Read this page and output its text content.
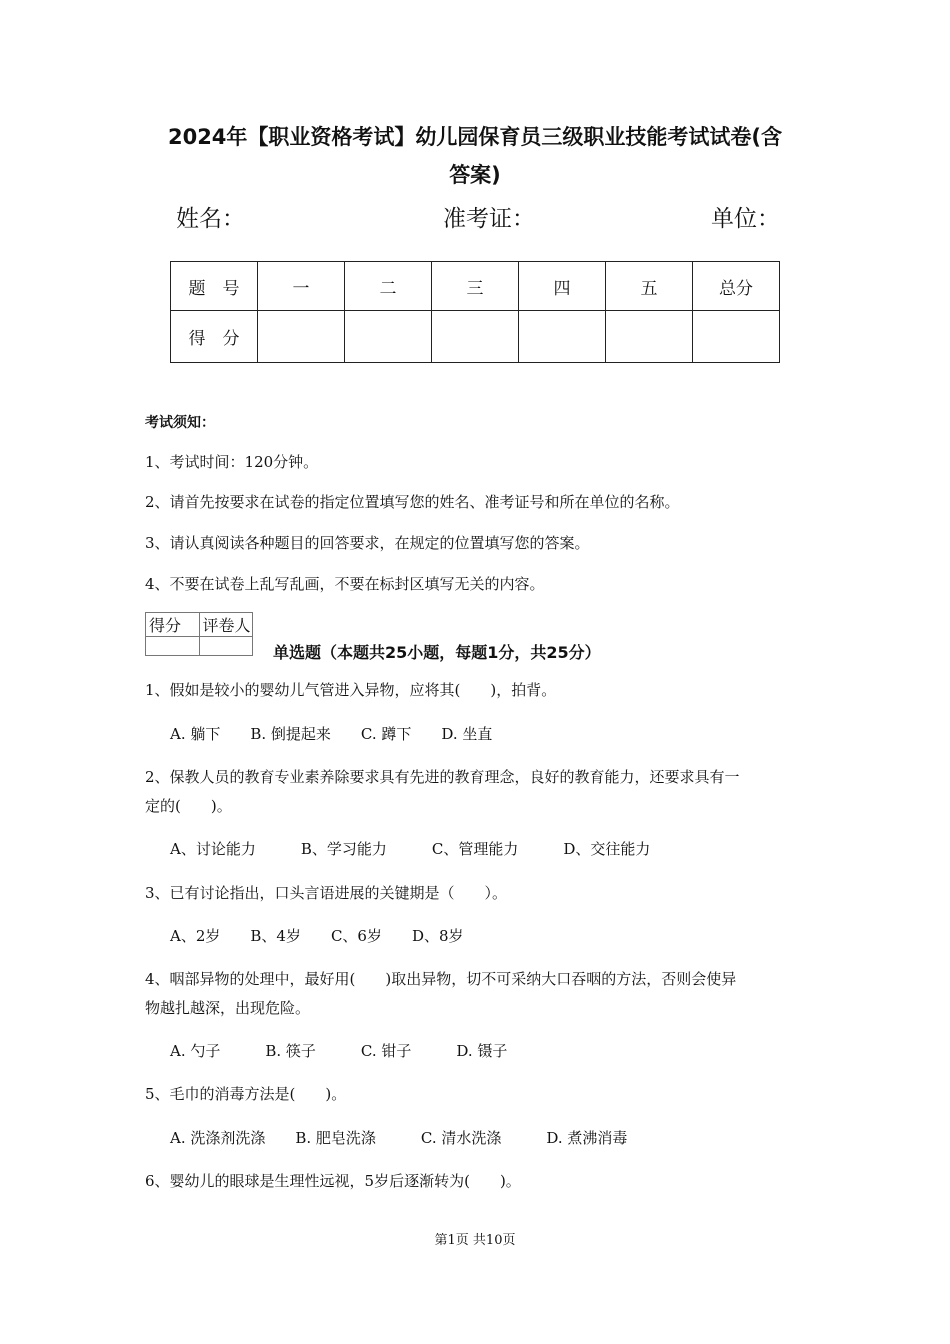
2024年【职业资格考试】幼儿园保育员三级职业技能考试试卷(含
答案)
姓名：	准考证：	单位：
题　号	一	二	三	四	五	总分
得　分						
考试须知：
1、考试时间：120分钟。
2、请首先按要求在试卷的指定位置填写您的姓名、准考证号和所在单位的名称。
3、请认真阅读各种题目的回答要求，在规定的位置填写您的答案。
4、不要在试卷上乱写乱画，不要在标封区填写无关的内容。
得分	评卷人

单选题（本题共25小题，每题1分，共25分）
1、假如是较小的婴幼儿气管进入异物，应将其(　　)，拍背。
A. 躺下　　B. 倒提起来　　C. 蹲下　　D. 坐直
2、保教人员的教育专业素养除要求具有先进的教育理念，良好的教育能力，还要求具有一
定的(　　)。
A、讨论能力　　　B、学习能力　　　C、管理能力　　　D、交往能力
3、已有讨论指出，口头言语进展的关键期是（　　）。
A、2岁　　B、4岁　　C、6岁　　D、8岁
4、咽部异物的处理中，最好用(　　)取出异物，切不可采纳大口吞咽的方法，否则会使异
物越扎越深，出现危险。
A. 勺子　　　B. 筷子　　　C. 钳子　　　D. 镊子
5、毛巾的消毒方法是(　　)。
A. 洗涤剂洗涤　　B. 肥皂洗涤　　　C. 清水洗涤　　　D. 煮沸消毒
6、婴幼儿的眼球是生理性远视，5岁后逐渐转为(　　)。
第1页 共10页
